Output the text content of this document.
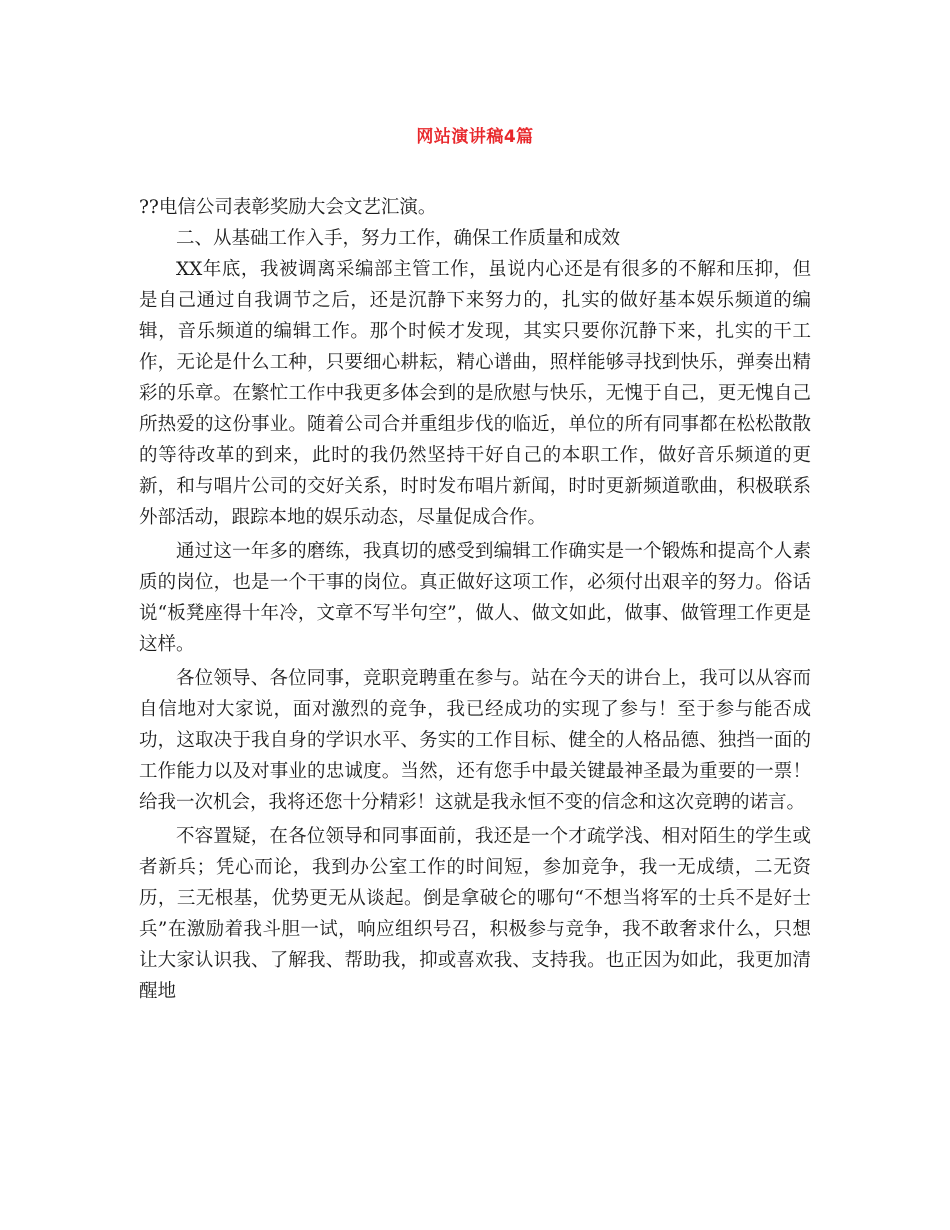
网站演讲稿4篇

??电信公司表彰奖励大会文艺汇演。

二、从基础工作入手，努力工作，确保工作质量和成效

XX年底，我被调离采编部主管工作，虽说内心还是有很多的不解和压抑，但是自己通过自我调节之后，还是沉静下来努力的，扎实的做好基本娱乐频道的编辑，音乐频道的编辑工作。那个时候才发现，其实只要你沉静下来，扎实的干工作，无论是什么工种，只要细心耕耘，精心谱曲，照样能够寻找到快乐，弹奏出精彩的乐章。在繁忙工作中我更多体会到的是欣慰与快乐，无愧于自己，更无愧自己所热爱的这份事业。随着公司合并重组步伐的临近，单位的所有同事都在松松散散的等待改革的到来，此时的我仍然坚持干好自己的本职工作，做好音乐频道的更新，和与唱片公司的交好关系，时时发布唱片新闻，时时更新频道歌曲，积极联系外部活动，跟踪本地的娱乐动态，尽量促成合作。

通过这一年多的磨练，我真切的感受到编辑工作确实是一个锻炼和提高个人素质的岗位，也是一个干事的岗位。真正做好这项工作，必须付出艰辛的努力。俗话说“板凳座得十年冷，文章不写半句空”，做人、做文如此，做事、做管理工作更是这样。

各位领导、各位同事，竞职竞聘重在参与。站在今天的讲台上，我可以从容而自信地对大家说，面对激烈的竞争，我已经成功的实现了参与！至于参与能否成功，这取决于我自身的学识水平、务实的工作目标、健全的人格品德、独挡一面的工作能力以及对事业的忠诚度。当然，还有您手中最关键最神圣最为重要的一票！给我一次机会，我将还您十分精彩！这就是我永恒不变的信念和这次竞聘的诺言。

不容置疑，在各位领导和同事面前，我还是一个才疏学浅、相对陌生的学生或者新兵；凭心而论，我到办公室工作的时间短，参加竞争，我一无成绩，二无资历，三无根基，优势更无从谈起。倒是拿破仑的哪句“不想当将军的士兵不是好士兵”在激励着我斗胆一试，响应组织号召，积极参与竞争，我不敢奢求什么，只想让大家认识我、了解我、帮助我，抑或喜欢我、支持我。也正因为如此，我更加清醒地
